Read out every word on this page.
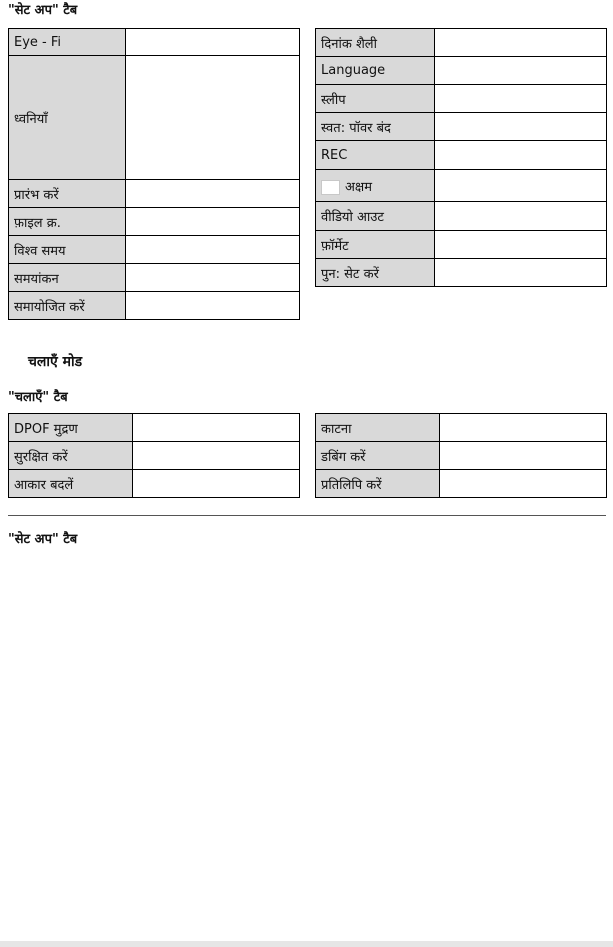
"सेट अप" टैब
Eye - Fi	
ध्वनियाँ	
प्रारंभ करें	
फ़ाइल क्र.	
विश्व समय	
समयांकन	
समायोजित करें	
दिनांक शैली	
Language	
स्लीप	
स्वत: पॉवर बंद	
REC	
अक्षम	
वीडियो आउट	
फ़ॉर्मेट	
पुन: सेट करें	
चलाएँ मोड
"चलाएँ" टैब
DPOF मुद्रण	
सुरक्षित करें	
आकार बदलें	
काटना	
डबिंग करें	
प्रतिलिपि करें	
"सेट अप" टैब
